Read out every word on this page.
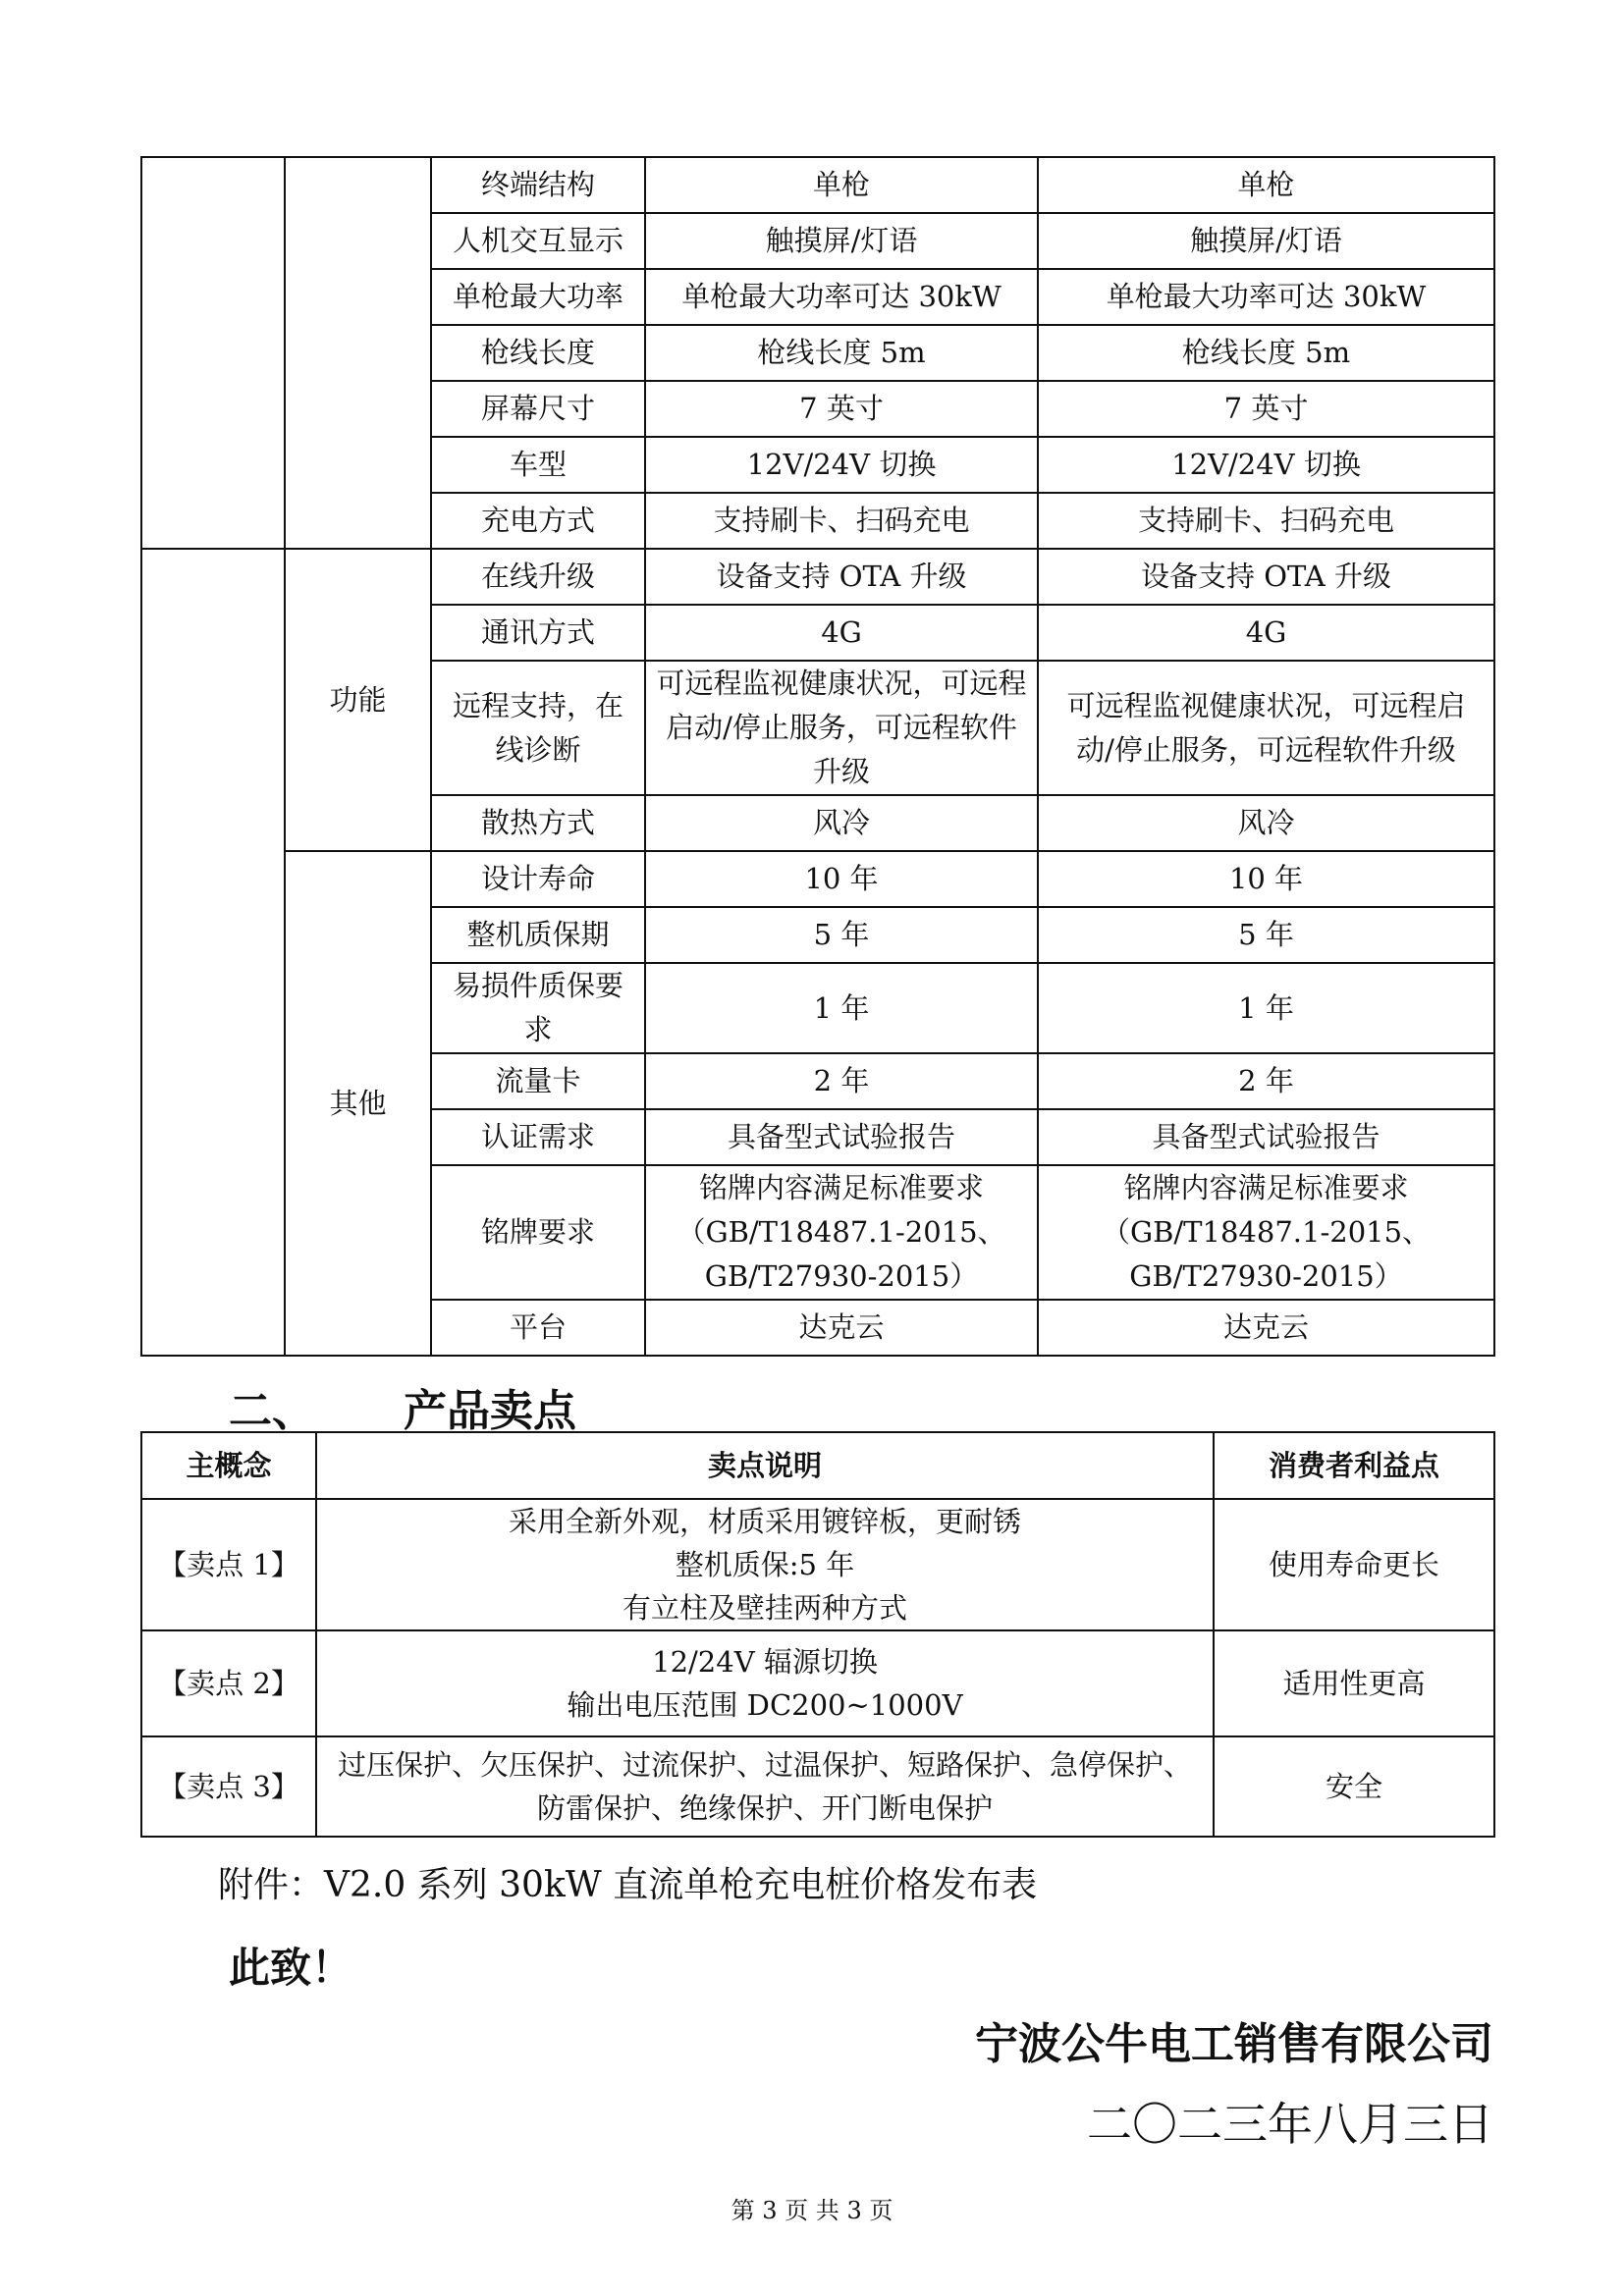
		终端结构	单枪	单枪
		人机交互显示	触摸屏/灯语	触摸屏/灯语
		单枪最大功率	单枪最大功率可达 30kW	单枪最大功率可达 30kW
		枪线长度	枪线长度 5m	枪线长度 5m
		屏幕尺寸	7 英寸	7 英寸
		车型	12V/24V 切换	12V/24V 切换
		充电方式	支持刷卡、扫码充电	支持刷卡、扫码充电
	功能	在线升级	设备支持 OTA 升级	设备支持 OTA 升级
		通讯方式	4G	4G
		远程支持，在线诊断	可远程监视健康状况，可远程启动/停止服务，可远程软件升级	可远程监视健康状况，可远程启动/停止服务，可远程软件升级
		散热方式	风冷	风冷
	其他	设计寿命	10 年	10 年
		整机质保期	5 年	5 年
		易损件质保要求	1 年	1 年
		流量卡	2 年	2 年
		认证需求	具备型式试验报告	具备型式试验报告
		铭牌要求	铭牌内容满足标准要求（GB/T18487.1-2015、GB/T27930-2015）	铭牌内容满足标准要求（GB/T18487.1-2015、GB/T27930-2015）
		平台	达克云	达克云
二、 产品卖点
主概念	卖点说明	消费者利益点
【卖点 1】	采用全新外观，材质采用镀锌板，更耐锈
整机质保:5 年
有立柱及壁挂两种方式	使用寿命更长
【卖点 2】	12/24V 辐源切换
输出电压范围 DC200~1000V	适用性更高
【卖点 3】	过压保护、欠压保护、过流保护、过温保护、短路保护、急停保护、
防雷保护、绝缘保护、开门断电保护	安全
附件：V2.0 系列 30kW 直流单枪充电桩价格发布表
此致！
宁波公牛电工销售有限公司
二〇二三年八月三日
第 3 页 共 3 页
